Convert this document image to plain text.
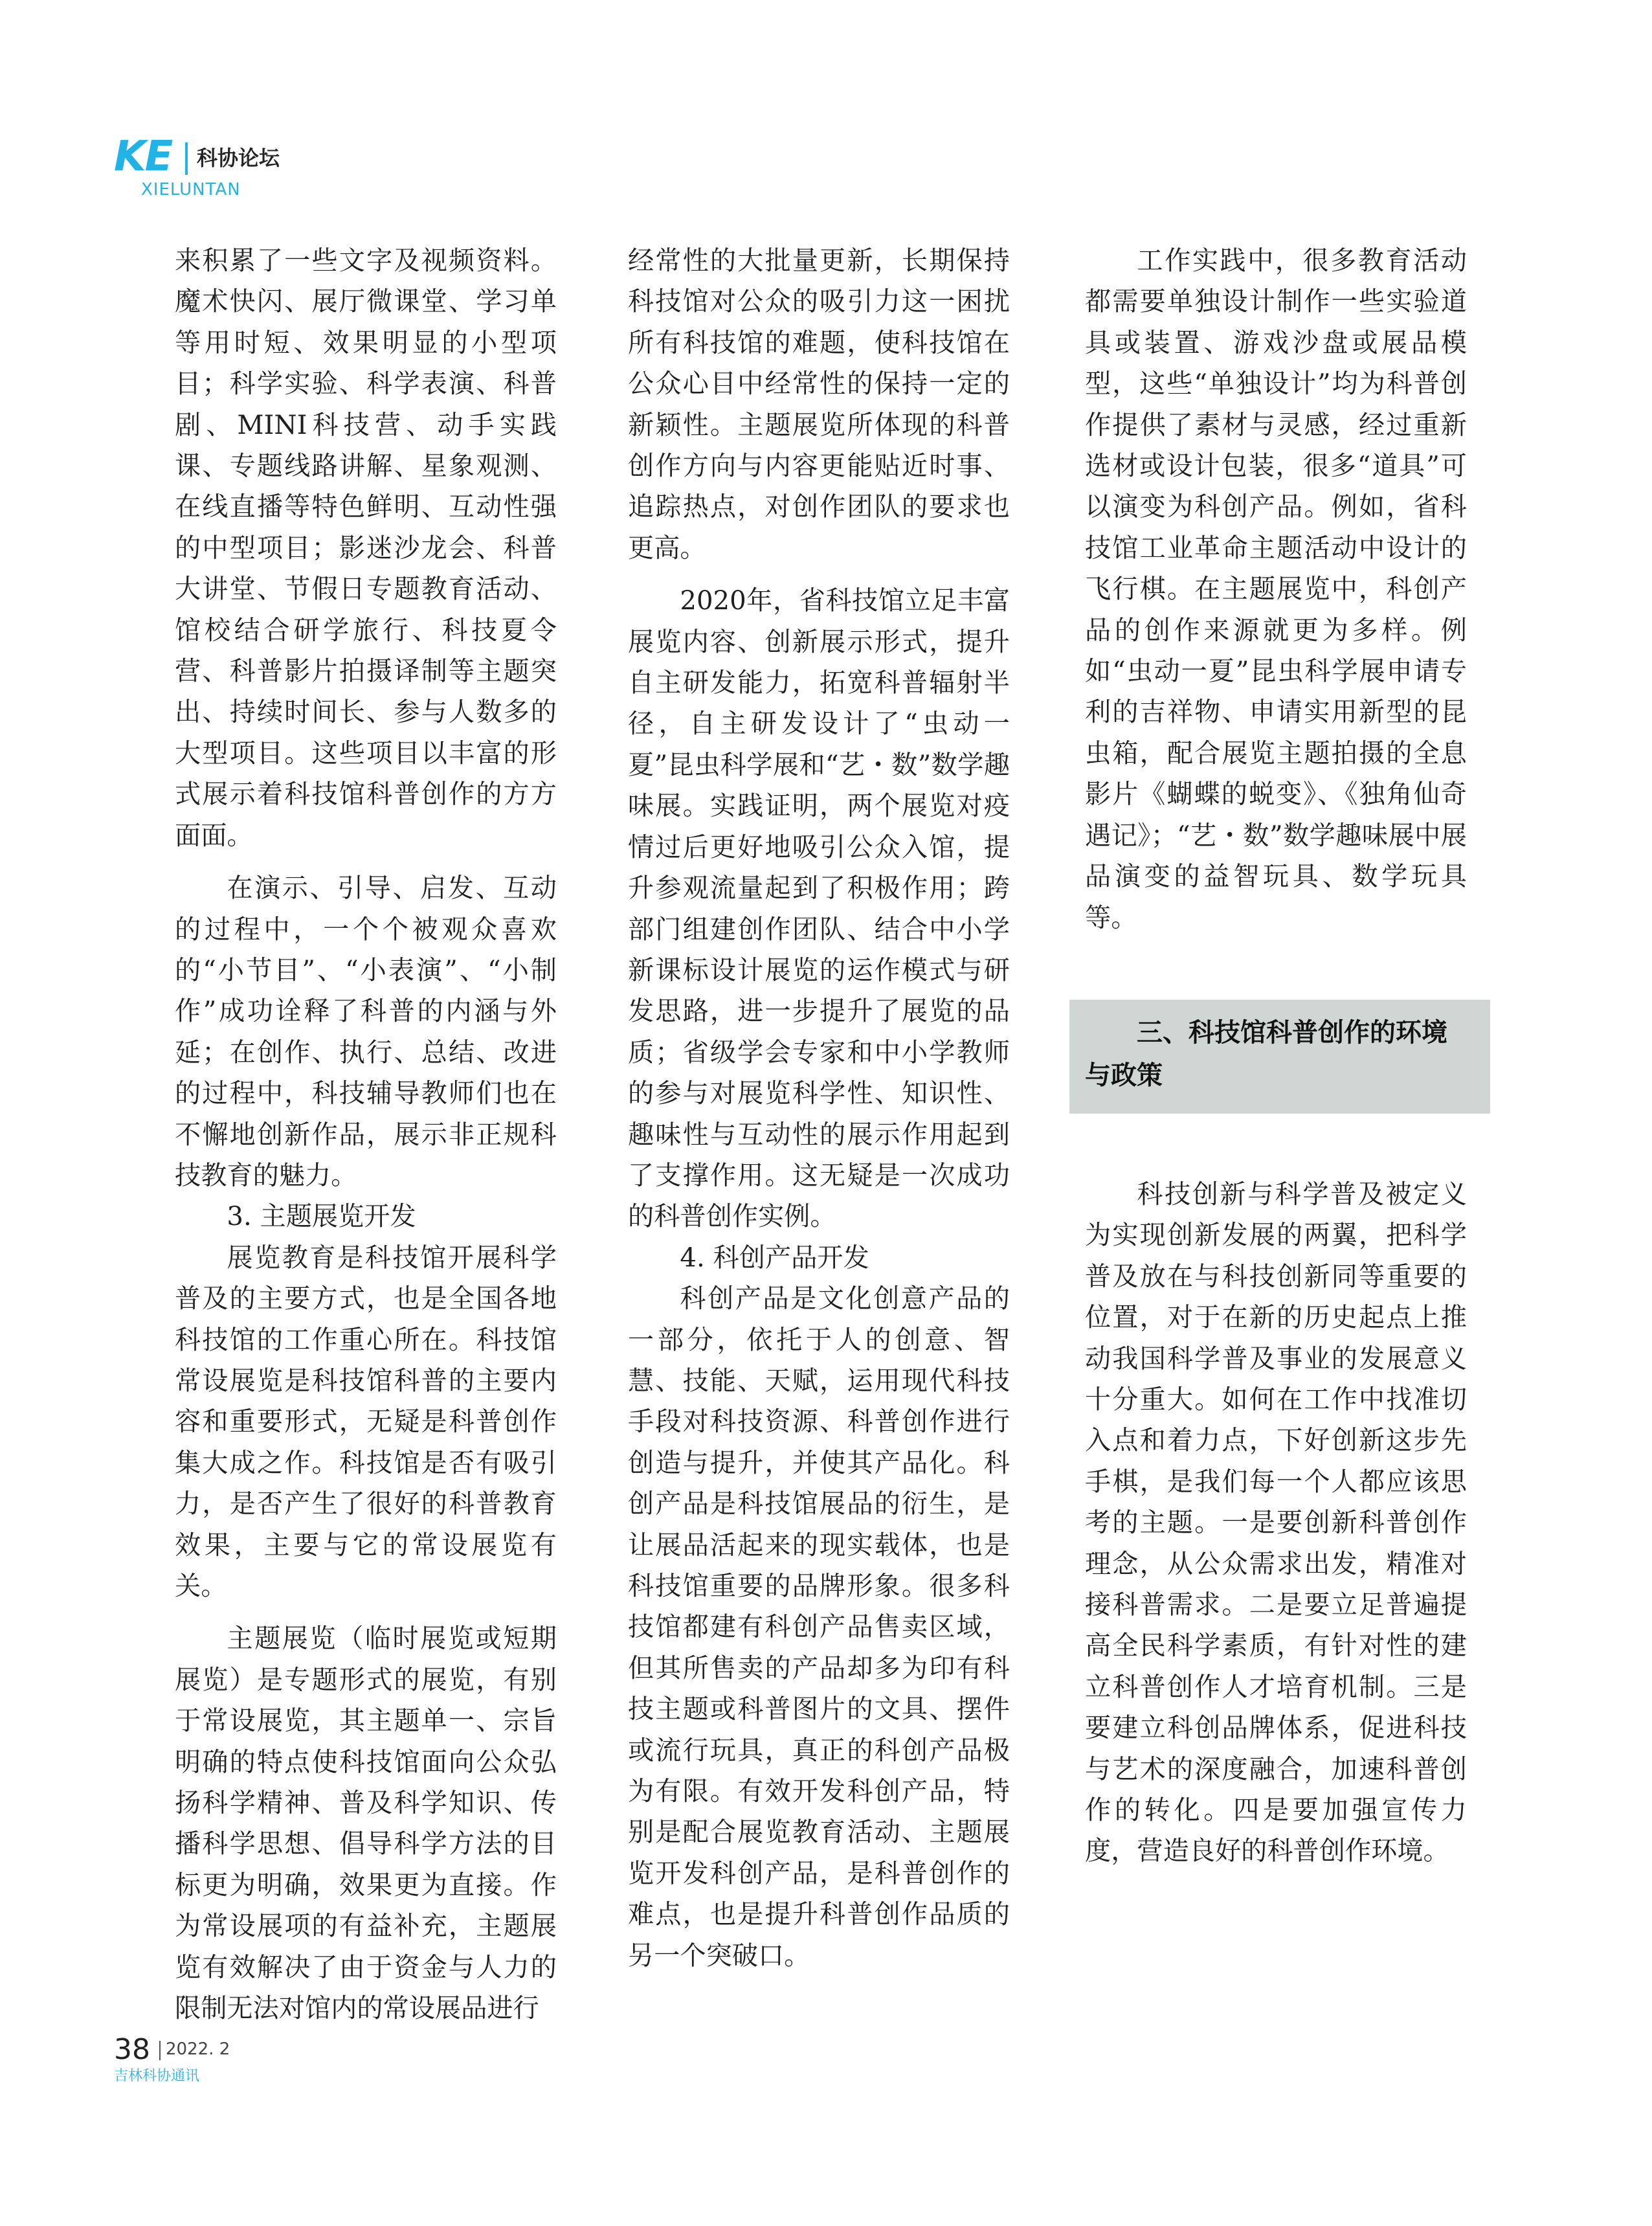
KE 科协论坛
XIELUNTAN

来积累了一些文字及视频资料。魔术快闪、展厅微课堂、学习单等用时短、效果明显的小型项目；科学实验、科学表演、科普剧、MINI科技营、动手实践课、专题线路讲解、星象观测、在线直播等特色鲜明、互动性强的中型项目；影迷沙龙会、科普大讲堂、节假日专题教育活动、馆校结合研学旅行、科技夏令营、科普影片拍摄译制等主题突出、持续时间长、参与人数多的大型项目。这些项目以丰富的形式展示着科技馆科普创作的方方面面。

在演示、引导、启发、互动的过程中，一个个被观众喜欢的“小节目”、“小表演”、“小制作”成功诠释了科普的内涵与外延；在创作、执行、总结、改进的过程中，科技辅导教师们也在不懈地创新作品，展示非正规科技教育的魅力。

3. 主题展览开发

展览教育是科技馆开展科学普及的主要方式，也是全国各地科技馆的工作重心所在。科技馆常设展览是科技馆科普的主要内容和重要形式，无疑是科普创作集大成之作。科技馆是否有吸引力，是否产生了很好的科普教育效果，主要与它的常设展览有关。

主题展览（临时展览或短期展览）是专题形式的展览，有别于常设展览，其主题单一、宗旨明确的特点使科技馆面向公众弘扬科学精神、普及科学知识、传播科学思想、倡导科学方法的目标更为明确，效果更为直接。作为常设展项的有益补充，主题展览有效解决了由于资金与人力的限制无法对馆内的常设展品进行

经常性的大批量更新，长期保持科技馆对公众的吸引力这一困扰所有科技馆的难题，使科技馆在公众心目中经常性的保持一定的新颖性。主题展览所体现的科普创作方向与内容更能贴近时事、追踪热点，对创作团队的要求也更高。

2020年，省科技馆立足丰富展览内容、创新展示形式，提升自主研发能力，拓宽科普辐射半径，自主研发设计了“虫动一夏”昆虫科学展和“艺・数”数学趣味展。实践证明，两个展览对疫情过后更好地吸引公众入馆，提升参观流量起到了积极作用；跨部门组建创作团队、结合中小学新课标设计展览的运作模式与研发思路，进一步提升了展览的品质；省级学会专家和中小学教师的参与对展览科学性、知识性、趣味性与互动性的展示作用起到了支撑作用。这无疑是一次成功的科普创作实例。

4. 科创产品开发

科创产品是文化创意产品的一部分，依托于人的创意、智慧、技能、天赋，运用现代科技手段对科技资源、科普创作进行创造与提升，并使其产品化。科创产品是科技馆展品的衍生，是让展品活起来的现实载体，也是科技馆重要的品牌形象。很多科技馆都建有科创产品售卖区域，但其所售卖的产品却多为印有科技主题或科普图片的文具、摆件或流行玩具，真正的科创产品极为有限。有效开发科创产品，特别是配合展览教育活动、主题展览开发科创产品，是科普创作的难点，也是提升科普创作品质的另一个突破口。

工作实践中，很多教育活动都需要单独设计制作一些实验道具或装置、游戏沙盘或展品模型，这些“单独设计”均为科普创作提供了素材与灵感，经过重新选材或设计包装，很多“道具”可以演变为科创产品。例如，省科技馆工业革命主题活动中设计的飞行棋。在主题展览中，科创产品的创作来源就更为多样。例如“虫动一夏”昆虫科学展申请专利的吉祥物、申请实用新型的昆虫箱，配合展览主题拍摄的全息影片《蝴蝶的蜕变》、《独角仙奇遇记》；“艺・数”数学趣味展中展品演变的益智玩具、数学玩具等。

三、科技馆科普创作的环境
与政策

科技创新与科学普及被定义为实现创新发展的两翼，把科学普及放在与科技创新同等重要的位置，对于在新的历史起点上推动我国科学普及事业的发展意义十分重大。如何在工作中找准切入点和着力点，下好创新这步先手棋，是我们每一个人都应该思考的主题。一是要创新科普创作理念，从公众需求出发，精准对接科普需求。二是要立足普遍提高全民科学素质，有针对性的建立科普创作人才培育机制。三是要建立科创品牌体系，促进科技与艺术的深度融合，加速科普创作的转化。四是要加强宣传力度，营造良好的科普创作环境。

38 2022. 2
吉林科协通讯
